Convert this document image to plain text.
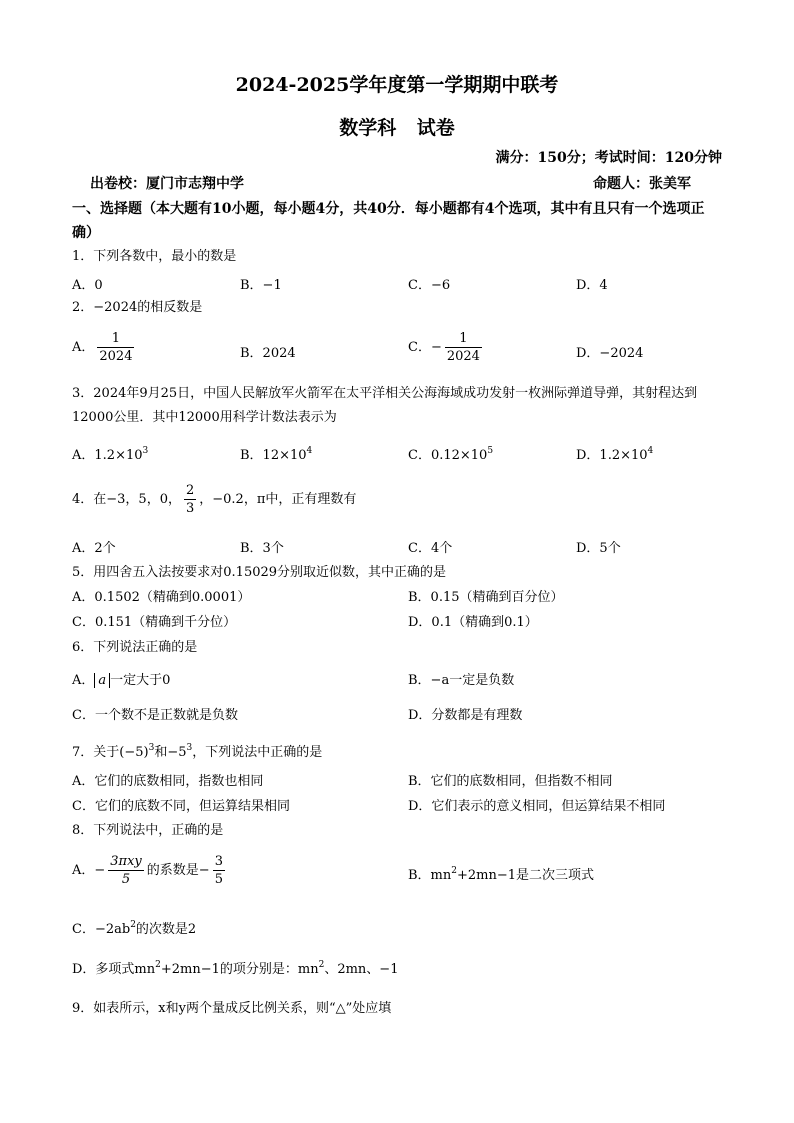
2024-2025学年度第一学期期中联考
数学科 试卷
满分：150分；考试时间：120分钟
出卷校：厦门市志翔中学	命题人：张美军
一、选择题（本大题有10小题，每小题4分，共40分．每小题都有4个选项，其中有且只有一个选项正确）
1．下列各数中，最小的数是
A．0	B．−1	C．−6	D．4
2．−2024的相反数是
A． $\frac{1}{2024}$	B．2024	C．− $\frac{1}{2024}$	D．−2024
3．2024年9月25日，中国人民解放军火箭军在太平洋相关公海海域成功发射一枚洲际弹道导弹，其射程达到12000公里．其中12000用科学计数法表示为
A．$1.2\times 10^3$	B．$12\times 10^4$	C．$0.12\times 10^5$	D．$1.2\times 10^4$
4．在−3，5，0， $\frac{2}{3}$ ，−0.2，π中，正有理数有
A．2个	B．3个	C．4个	D．5个
5．用四舍五入法按要求对0.15029分别取近似数，其中正确的是
A．0.1502（精确到0.0001）	B．0.15（精确到百分位）
C．0.151（精确到千分位）	D．0.1（精确到0.1）
6．下列说法正确的是
A． a 一定大于0	B．−a一定是负数
C．一个数不是正数就是负数	D．分数都是有理数
7．关于$(-5)^3$和$-5^3$，下列说法中正确的是
A．它们的底数相同，指数也相同	B．它们的底数相同，但指数不相同
C．它们的底数不同，但运算结果相同	D．它们表示的意义相同，但运算结果不相同
8．下列说法中，正确的是
A．− $\frac{\text{3πxy}}{5}$ 的系数是− $\frac{3}{5}$	B．$mn^2+2mn-1$是二次三项式
C．$-2ab^2$的次数是2
D．多项式$mn^2+2mn-1$的项分别是：$mn^2$、2mn、−1
9．如表所示，x和y两个量成反比例关系，则“△”处应填
